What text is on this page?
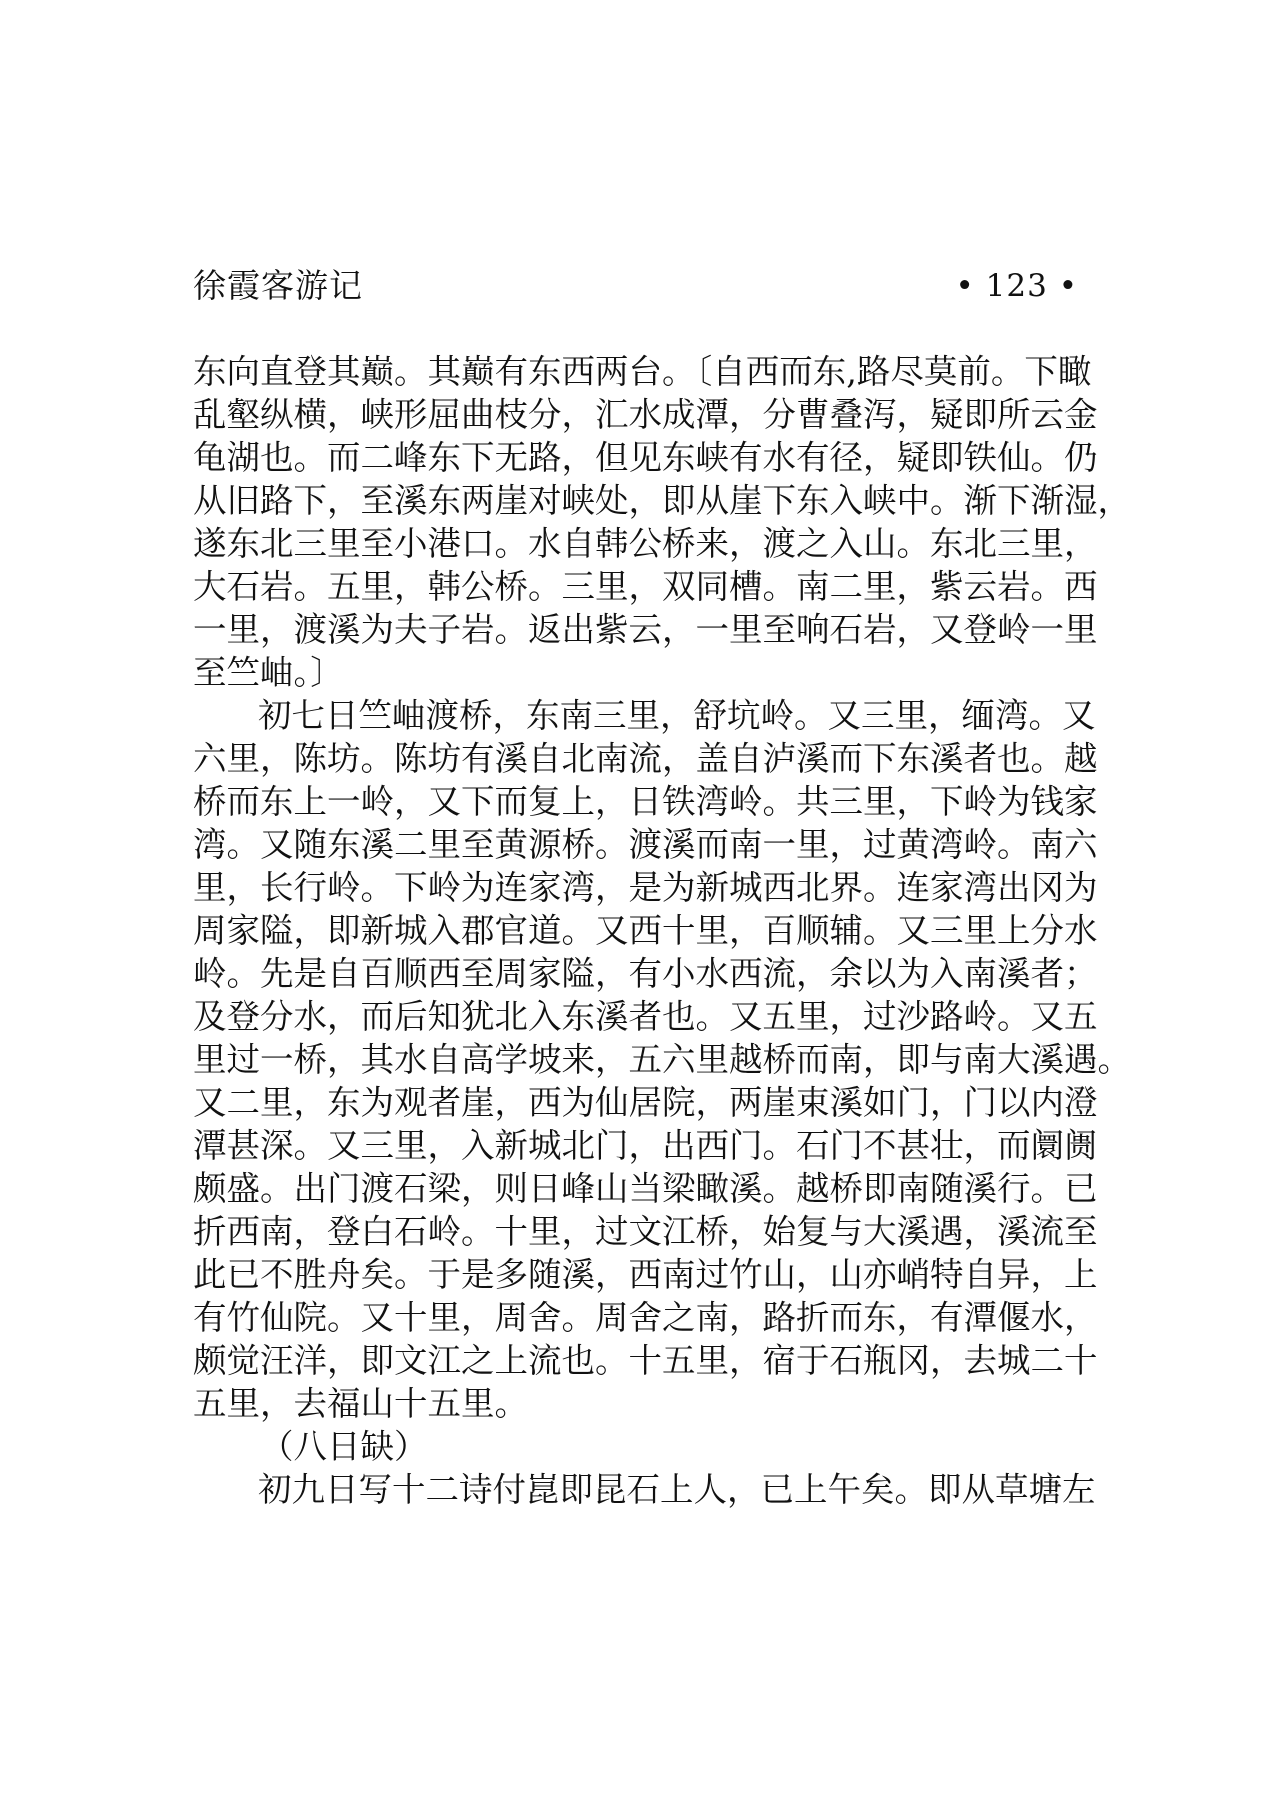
徐霞客游记	• 123 •
东向直登其巅。其巅有东西两台。〔自西而东,路尽莫前。下瞰
乱壑纵横，峡形屈曲枝分，汇水成潭，分曹叠泻，疑即所云金
龟湖也。而二峰东下无路，但见东峡有水有径，疑即铁仙。仍
从旧路下，至溪东两崖对峡处，即从崖下东入峡中。渐下渐湿，
遂东北三里至小港口。水自韩公桥来，渡之入山。东北三里，
大石岩。五里，韩公桥。三里，双同槽。南二里，紫云岩。西
一里，渡溪为夫子岩。返出紫云，一里至响石岩，又登岭一里
至竺岫。〕
初七日竺岫渡桥，东南三里，舒坑岭。又三里，缅湾。又
六里，陈坊。陈坊有溪自北南流，盖自泸溪而下东溪者也。越
桥而东上一岭，又下而复上，日铁湾岭。共三里，下岭为钱家
湾。又随东溪二里至黄源桥。渡溪而南一里，过黄湾岭。南六
里，长行岭。下岭为连家湾，是为新城西北界。连家湾出冈为
周家隘，即新城入郡官道。又西十里，百顺辅。又三里上分水
岭。先是自百顺西至周家隘，有小水西流，余以为入南溪者；
及登分水，而后知犹北入东溪者也。又五里，过沙路岭。又五
里过一桥，其水自高学坡来，五六里越桥而南，即与南大溪遇。
又二里，东为观者崖，西为仙居院，两崖束溪如门，门以内澄
潭甚深。又三里，入新城北门，出西门。石门不甚壮，而阛阓
颇盛。出门渡石梁，则日峰山当梁瞰溪。越桥即南随溪行。已
折西南，登白石岭。十里，过文江桥，始复与大溪遇，溪流至
此已不胜舟矣。于是多随溪，西南过竹山，山亦峭特自异，上
有竹仙院。又十里，周舍。周舍之南，路折而东，有潭偃水，
颇觉汪洋，即文江之上流也。十五里，宿于石瓶冈，去城二十
五里，去福山十五里。
（八日缺）
初九日写十二诗付崑即昆石上人，已上午矣。即从草塘左
